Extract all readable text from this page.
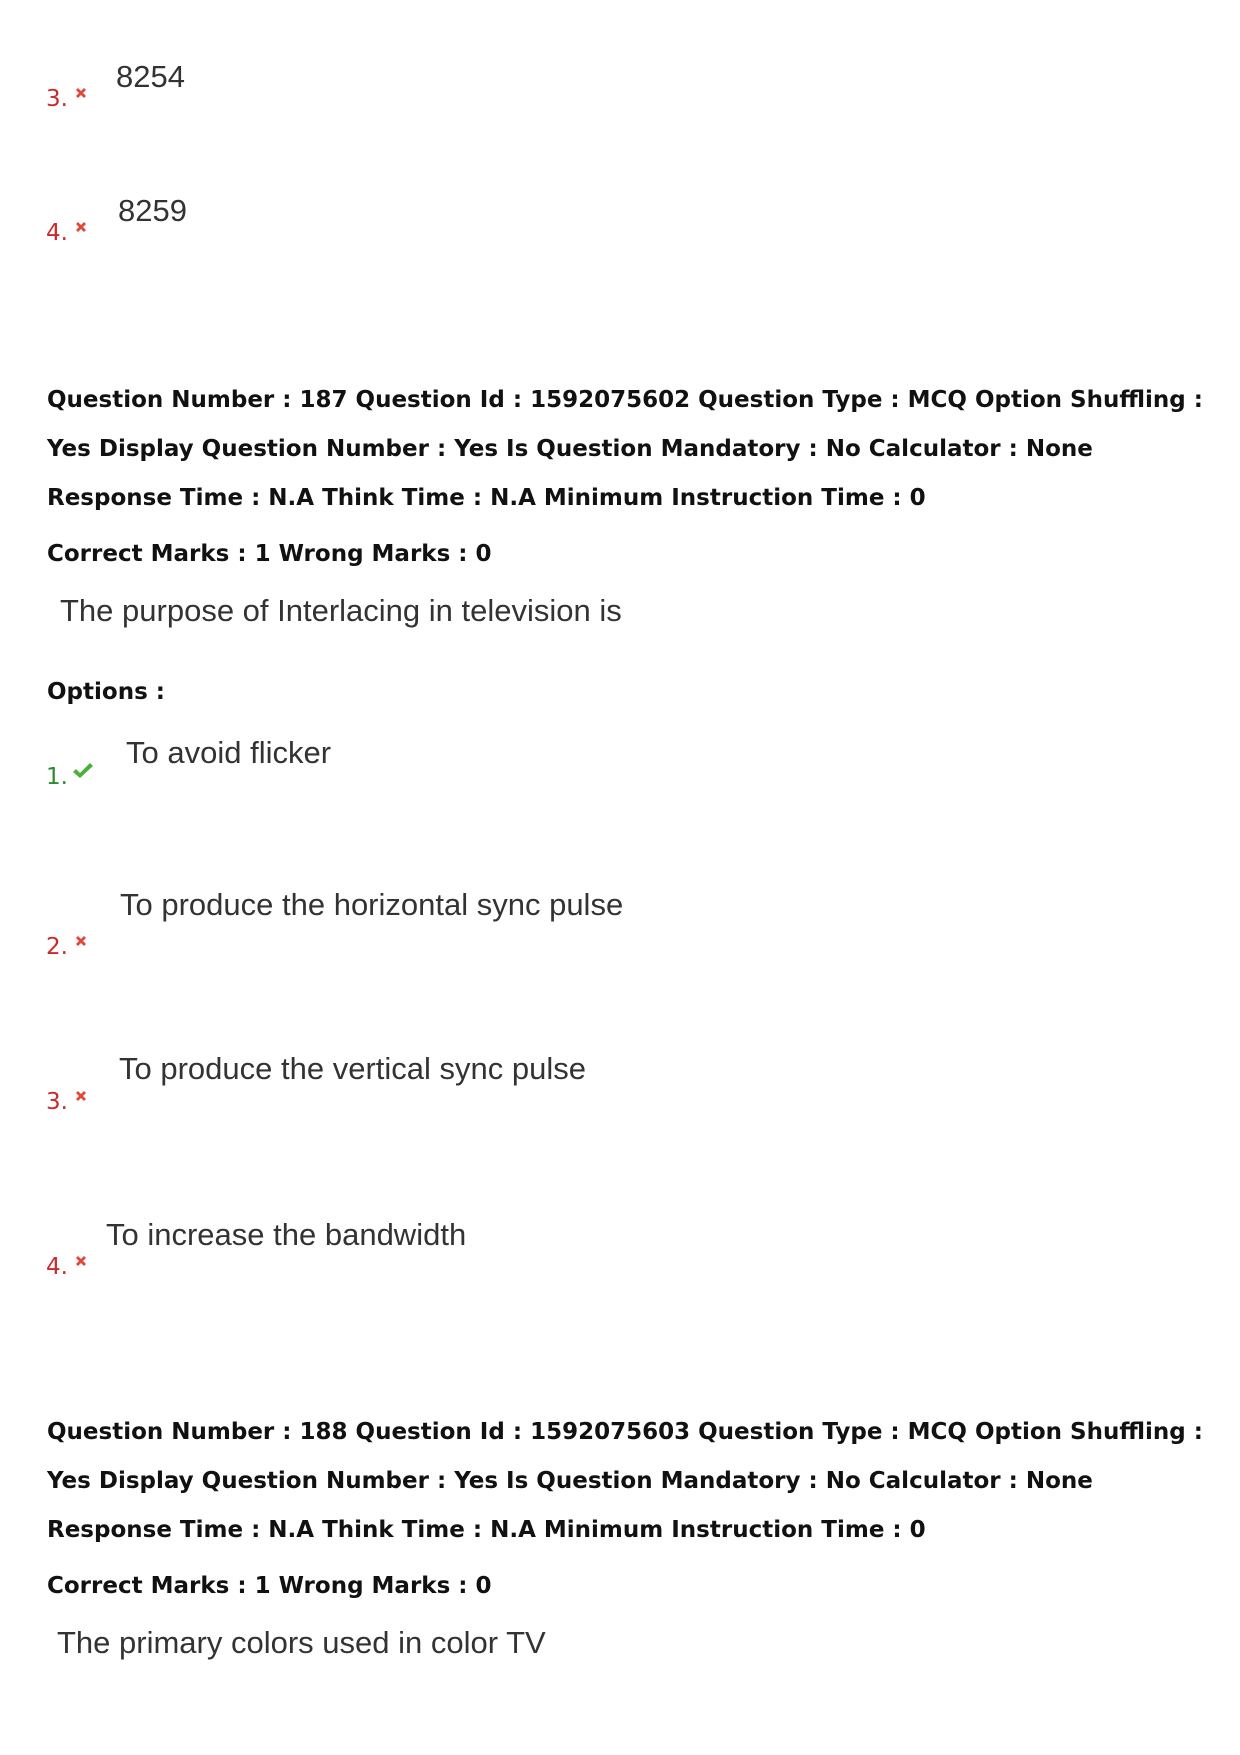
8254
3.
8259
4.
Question Number : 187 Question Id : 1592075602 Question Type : MCQ Option Shuffling : Yes Display Question Number : Yes Is Question Mandatory : No Calculator : None Response Time : N.A Think Time : N.A Minimum Instruction Time : 0
Correct Marks : 1 Wrong Marks : 0
The purpose of Interlacing in television is
Options :
To avoid flicker
1.
To produce the horizontal sync pulse
2.
To produce the vertical sync pulse
3.
To increase the bandwidth
4.
Question Number : 188 Question Id : 1592075603 Question Type : MCQ Option Shuffling : Yes Display Question Number : Yes Is Question Mandatory : No Calculator : None Response Time : N.A Think Time : N.A Minimum Instruction Time : 0
Correct Marks : 1 Wrong Marks : 0
The primary colors used in color TV
